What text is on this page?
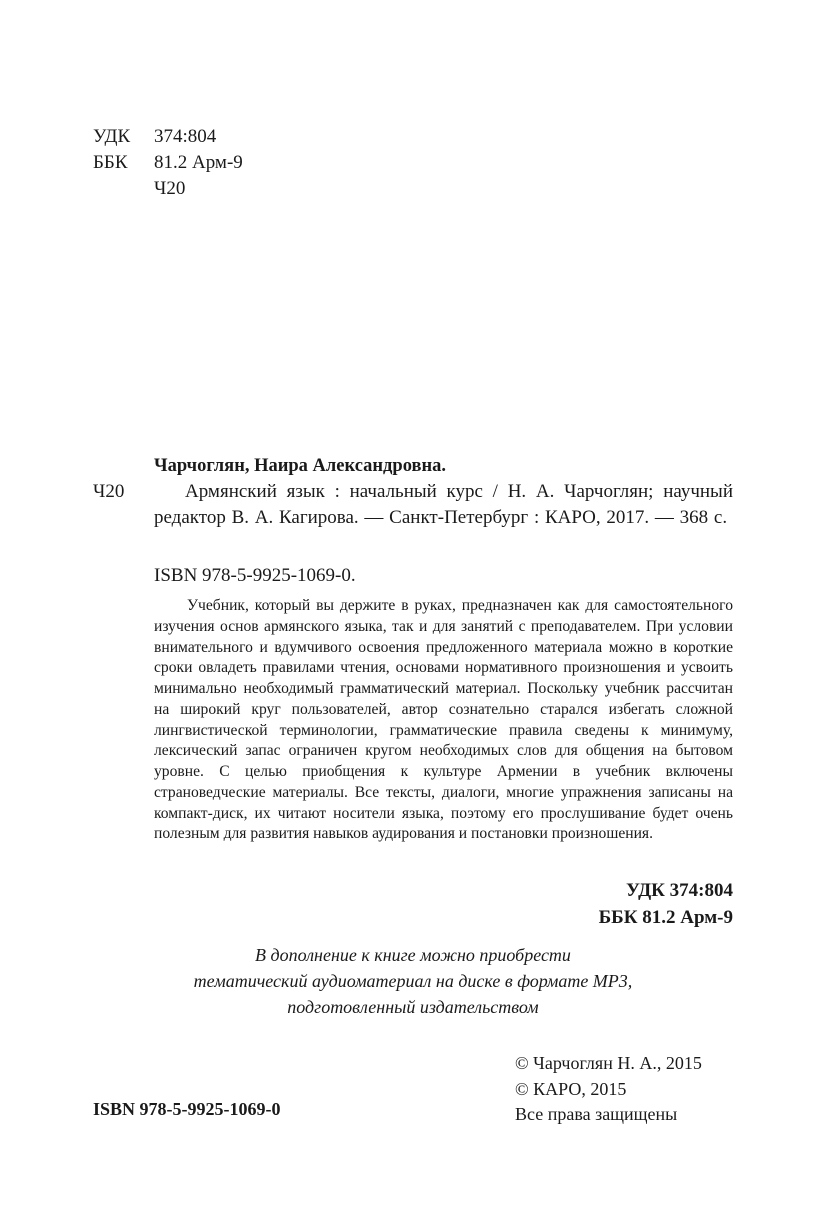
УДК	374:804
ББК	81.2 Арм-9
Ч20
Чарчоглян, Наира Александровна.
Ч20	Армянский язык : начальный курс / Н. А. Чарчоглян; научный редактор В. А. Кагирова. — Санкт-Петербург : КАРО, 2017. — 368 с.
ISBN 978-5-9925-1069-0.
Учебник, который вы держите в руках, предназначен как для самостоятельного изучения основ армянского языка, так и для занятий с преподавателем. При условии внимательного и вдумчивого освоения предложенного материала можно в короткие сроки овладеть правилами чтения, основами нормативного произношения и усвоить минимально необходимый грамматический материал. Поскольку учебник рассчитан на широкий круг пользователей, автор сознательно старался избегать сложной лингвистической терминологии, грамматические правила сведены к минимуму, лексический запас ограничен кругом необходимых слов для общения на бытовом уровне. С целью приобщения к культуре Армении в учебник включены страноведческие материалы. Все тексты, диалоги, многие упражнения записаны на компакт-диск, их читают носители языка, поэтому его прослушивание будет очень полезным для развития навыков аудирования и постановки произношения.
УДК 374:804
ББК 81.2 Арм-9
В дополнение к книге можно приобрести
тематический аудиоматериал на диске в формате MP3,
подготовленный издательством
© Чарчоглян Н. А., 2015
© КАРО, 2015
Все права защищены
ISBN 978-5-9925-1069-0
